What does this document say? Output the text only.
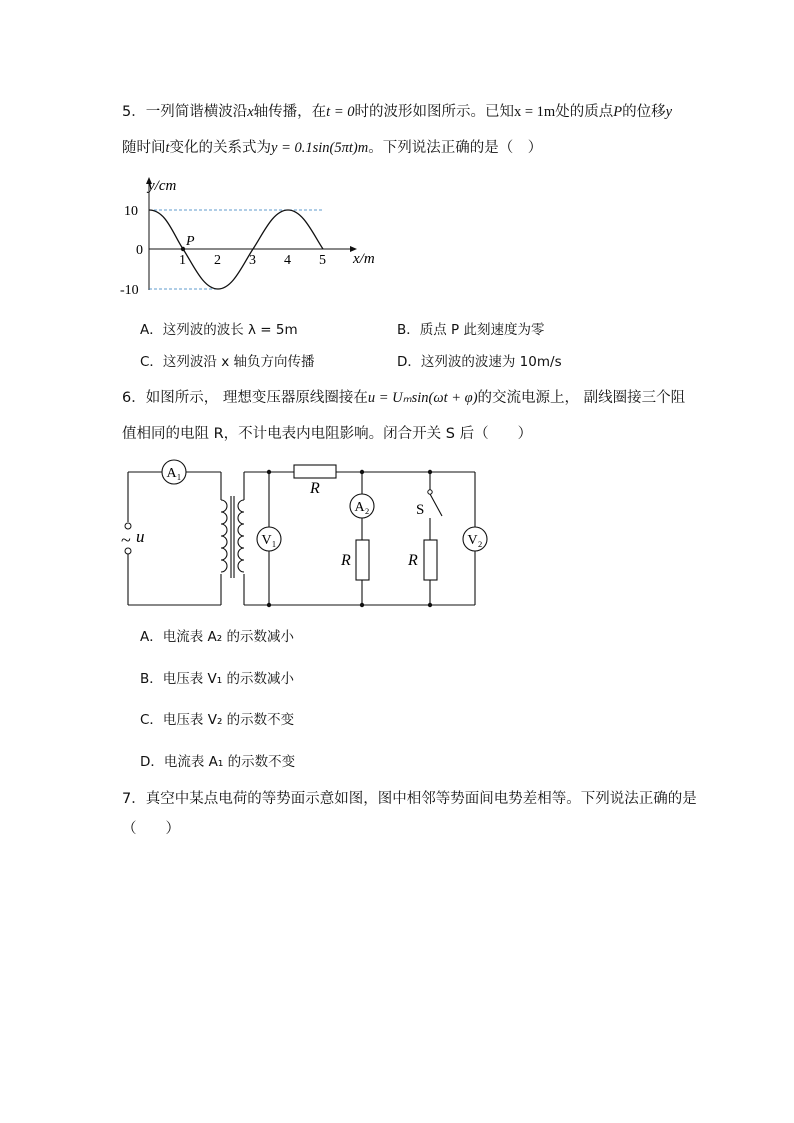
5．一列简谐横波沿x轴传播，在t = 0时的波形如图所示。已知x = 1m处的质点P的位移y
随时间t变化的关系式为y = 0.1sin(5πt)m。下列说法正确的是（　）
y/cm
x/m
10
0
-10
1 2 3 4 5
P
A．这列波的波长 λ = 5m	B．质点 P 此刻速度为零
C．这列波沿 x 轴负方向传播	D．这列波的波速为 10m/s
6．如图所示， 理想变压器原线圈接在u = Uₘsin(ωt + φ)的交流电源上， 副线圈接三个阻
值相同的电阻 R，不计电表内电阻影响。闭合开关 S 后（　　）
~ u
A₁
R
V₁
A₂
R
S
R
V₂
A．电流表 A₂ 的示数减小
B．电压表 V₁ 的示数减小
C．电压表 V₂ 的示数不变
D．电流表 A₁ 的示数不变
7．真空中某点电荷的等势面示意如图，图中相邻等势面间电势差相等。下列说法正确的是
（　　）
